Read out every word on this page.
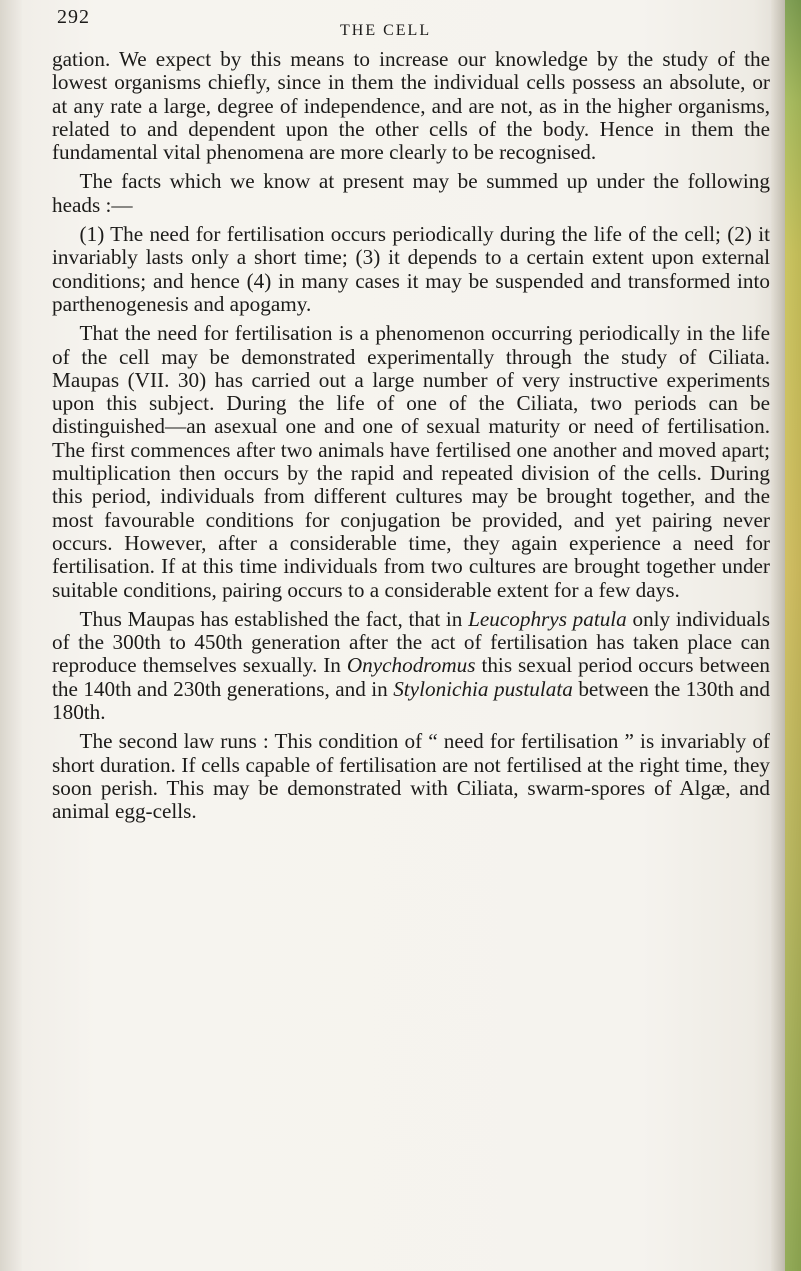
292
THE CELL

gation. We expect by this means to increase our knowledge by the study of the lowest organisms chiefly, since in them the individual cells possess an absolute, or at any rate a large, degree of independence, and are not, as in the higher organisms, related to and dependent upon the other cells of the body. Hence in them the fundamental vital phenomena are more clearly to be recognised.

The facts which we know at present may be summed up under the following heads :—

(1) The need for fertilisation occurs periodically during the life of the cell; (2) it invariably lasts only a short time; (3) it depends to a certain extent upon external conditions; and hence (4) in many cases it may be suspended and transformed into parthenogenesis and apogamy.

That the need for fertilisation is a phenomenon occurring periodically in the life of the cell may be demonstrated experimentally through the study of Ciliata. Maupas (VII. 30) has carried out a large number of very instructive experiments upon this subject. During the life of one of the Ciliata, two periods can be distinguished—an asexual one and one of sexual maturity or need of fertilisation. The first commences after two animals have fertilised one another and moved apart; multiplication then occurs by the rapid and repeated division of the cells. During this period, individuals from different cultures may be brought together, and the most favourable conditions for conjugation be provided, and yet pairing never occurs. However, after a considerable time, they again experience a need for fertilisation. If at this time individuals from two cultures are brought together under suitable conditions, pairing occurs to a considerable extent for a few days.

Thus Maupas has established the fact, that in Leucophrys patula only individuals of the 300th to 450th generation after the act of fertilisation has taken place can reproduce themselves sexually. In Onychodromus this sexual period occurs between the 140th and 230th generations, and in Stylonichia pustulata between the 130th and 180th.

The second law runs : This condition of “ need for fertilisation ” is invariably of short duration. If cells capable of fertilisation are not fertilised at the right time, they soon perish. This may be demonstrated with Ciliata, swarm-spores of Algæ, and animal egg-cells.
